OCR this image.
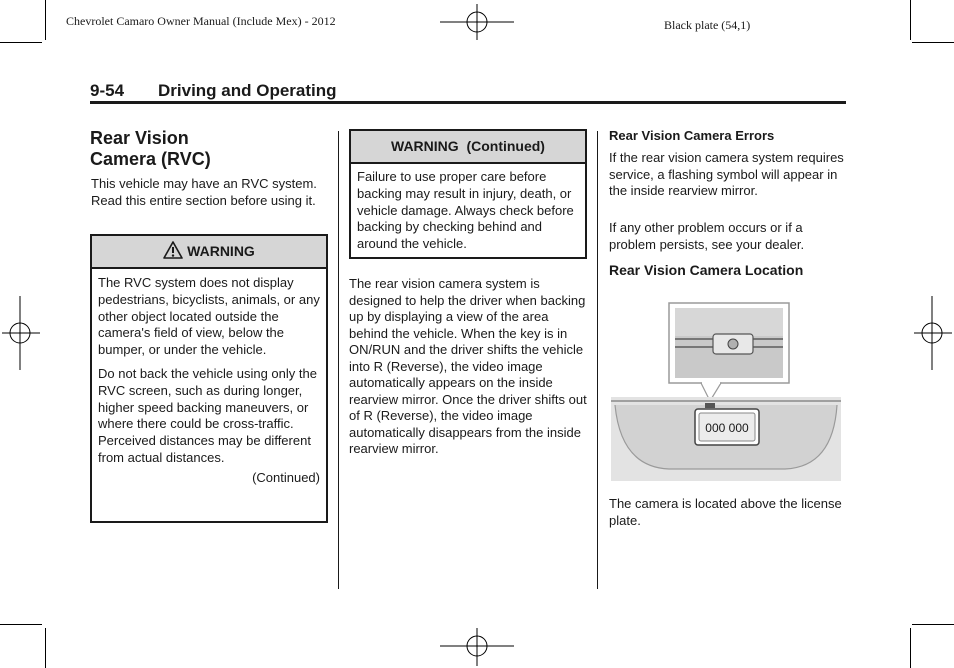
Chevrolet Camaro Owner Manual (Include Mex) - 2012	Black plate (54,1)
9-54 Driving and Operating
Rear Vision
Camera (RVC)
This vehicle may have an RVC system. Read this entire section before using it.
WARNING
The RVC system does not display pedestrians, bicyclists, animals, or any other object located outside the camera's field of view, below the bumper, or under the vehicle.
Do not back the vehicle using only the RVC screen, such as during longer, higher speed backing maneuvers, or where there could be cross-traffic. Perceived distances may be different from actual distances.
(Continued)
WARNING  (Continued)
Failure to use proper care before backing may result in injury, death, or vehicle damage. Always check before backing by checking behind and around the vehicle.
The rear vision camera system is designed to help the driver when backing up by displaying a view of the area behind the vehicle. When the key is in ON/RUN and the driver shifts the vehicle into R (Reverse), the video image automatically appears on the inside rearview mirror. Once the driver shifts out of R (Reverse), the video image automatically disappears from the inside rearview mirror.
Rear Vision Camera Errors
If the rear vision camera system requires service, a flashing symbol will appear in the inside rearview mirror.
If any other problem occurs or if a problem persists, see your dealer.
Rear Vision Camera Location
000 000
The camera is located above the license plate.
